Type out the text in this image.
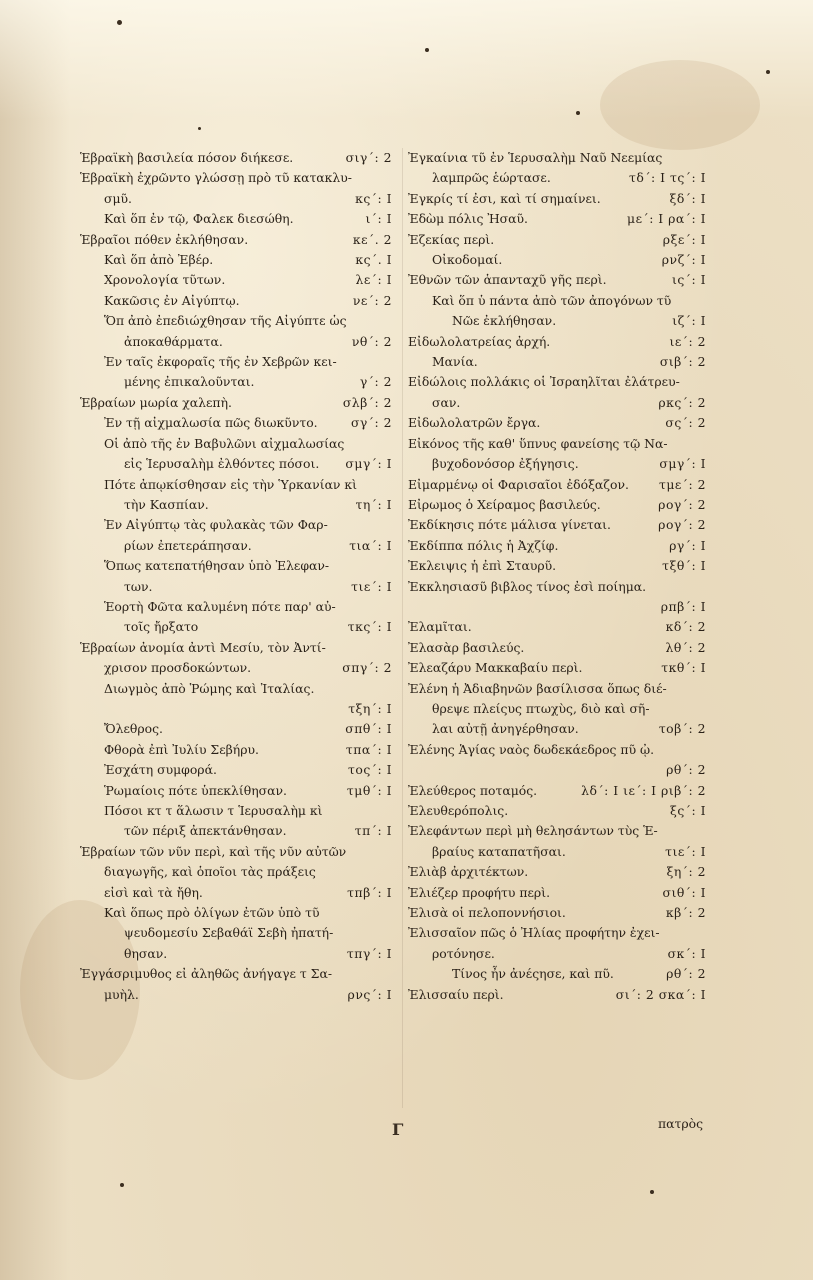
Ἑβραϊκὴ βασιλεία πόσον διήκεσε.	σιγ΄: 2
Ἑβραϊκὴ ἐχρῶντο γλώσσῃ πρὸ τῦ κατακλυ-
σμῦ.	κς΄: I
Καὶ ὅπ ἐν τῷ, Φαλεκ διεσώθη.	ι΄: I
Ἑβραῖοι πόθεν ἐκλήθησαν.	κε΄. 2
Καὶ ὅπ ἀπὸ Ἐβέρ.	κς΄. I
Χρονολογία τῦτων.	λε΄: I
Κακῶσις ἐν Αἰγύπτῳ.	νε΄: 2
Ὅπ ἀπὸ ἐπεδιώχθησαν τῆς Αἰγύπτε ὡς
ἀποκαθάρματα.	νθ΄: 2
Ἐν ταῖς ἐκφοραῖς τῆς ἐν Χεβρῶν κει-
μένης ἐπικαλοῦνται.	γ΄: 2
Ἑβραίων μωρία χαλεπὴ.	σλβ΄: 2
Ἐν τῇ αἰχμαλωσία πῶς διωκῦντο.	σγ΄: 2
Οἱ ἀπὸ τῆς ἐν Βαβυλῶνι αἰχμαλωσίας
εἰς Ἱερυσαλὴμ ἐλθόντες πόσοι. σμγ΄: I
Πότε ἀπῳκίσθησαν εἰς τὴν Ὑρκανίαν κὶ
τὴν Κασπίαν.	τη΄: I
Ἐν Αἰγύπτῳ τὰς φυλακὰς τῶν Φαρ-
ρίων ἐπετεράπησαν.	τια΄: I
Ὅπως κατεπατήθησαν ὑπὸ Ἐλεφαν-
των.	τιε΄: I
Ἑορτὴ Φῶτα καλυμένη πότε παρ' αὐ-
τοῖς ἤρξατο	τκς΄: I
Ἑβραίων ἀνομία ἀντὶ Μεσίυ, τὸν Ἀντί-
χρισον προσδοκώντων.	σπγ΄: 2
Διωγμὸς ἀπὸ Ῥώμης καὶ Ἰταλίας.
τξη΄: I
Ὄλεθρος.	σπθ΄: I
Φθορὰ ἐπὶ Ἰυλίυ Σεβήρυ.	τπα΄: I
Ἐσχάτη συμφορά.	τος΄: I
Ῥωμαίοις πότε ὑπεκλίθησαν.	τμθ΄: I
Πόσοι κτ τ ἅλωσιν τ Ἱερυσαλὴμ κὶ
τῶν πέριξ ἀπεκτάνθησαν.	τπ΄: I
Ἑβραίων τῶν νῦν περὶ, καὶ τῆς νῦν αὐτῶν
διαγωγῆς, καὶ ὁποῖοι τὰς πράξεις
εἰσὶ καὶ τὰ ἤθη.	τπβ΄: I
Καὶ ὅπως πρὸ ὀλίγων ἐτῶν ὑπὸ τῦ
ψευδομεσίυ Σεβαθάϊ Σεβὴ ἠπατή-
θησαν.	τπγ΄: I
Ἐγγάσριμυθος εἰ ἀληθῶς ἀνήγαγε τ Σα-
μυὴλ.	ρνς΄: I
Ἐγκαίνια τῦ ἐν Ἱερυσαλὴμ Ναῦ Νεεμίας
λαμπρῶς ἑώρτασε.	τδ΄: I τς΄: I
Ἐγκρίς τί ἐσι, καὶ τί σημαίνει.	ξδ΄: I
Ἐδὼμ πόλις Ἠσαῦ.	με΄: I ρα΄: I
Ἐζεκίας περὶ.	ρξε΄: I
Οἰκοδομαί.	ρνζ΄: I
Ἐθνῶν τῶν ἁπανταχῦ γῆς περὶ.	ις΄: I
Καὶ ὅπ ὑ πάντα ἀπὸ τῶν ἀπογόνων τῦ
Νῶε ἐκλήθησαν.	ιζ΄: I
Εἰδωλολατρείας ἀρχή.	ιε΄: 2
Μανία.	σιβ΄: 2
Εἰδώλοις πολλάκις οἱ Ἰσραηλῖται ἐλάτρευ-
σαν.	ρκς΄: 2
Εἰδωλολατρῶν ἔργα.	σς΄: 2
Εἰκόνος τῆς καθ' ὕπνυς φανείσης τῷ Να-
βυχοδονόσορ ἐξήγησις.	σμγ΄: I
Εἰμαρμένῳ οἱ Φαρισαῖοι ἐδόξαζον. τμε΄: 2
Εἰρωμος ὁ Χείραμος βασιλεύς.	ρογ΄: 2
Ἐκδίκησις πότε μάλισα γίνεται.	ρογ΄: 2
Ἐκδίππα πόλις ἡ Ἀχζίφ.	ργ΄: I
Ἐκλειψις ἡ ἐπὶ Σταυρῦ.	τξθ΄: I
Ἐκκλησιασῦ βιβλος τίνος ἐσὶ ποίημα.
ρπβ΄: I
Ἐλαμῖται.	κδ΄: 2
Ἐλασὰρ βασιλεύς.	λθ΄: 2
Ἐλεαζάρυ Μακκαβαίυ περὶ.	τκθ΄: I
Ἐλένη ἡ Ἀδιαβηνῶν βασίλισσα ὅπως διέ-
θρεψε πλείςυς πτωχὺς, διὸ καὶ σῆ-
λαι αὐτῇ ἀνηγέρθησαν.	τοβ΄: 2
Ἐλένης Ἁγίας ναὸς δωδεκάεδρος πῦ ᾠ.
ρθ΄: 2
Ἐλεύθερος ποταμός.	λδ΄: I ιε΄: I ριβ΄: 2
Ἐλευθερόπολις.	ξς΄: I
Ἐλεφάντων περὶ μὴ θελησάντων τὺς Ἑ-
βραίυς καταπατῆσαι.	τιε΄: I
Ἐλιὰβ ἀρχιτέκτων.	ξη΄: 2
Ἐλιέζερ προφήτυ περὶ.	σιθ΄: I
Ἐλισὰ οἱ πελοποννήσιοι.	κβ΄: 2
Ἐλισσαῖον πῶς ὁ Ἠλίας προφήτην ἐχει-
ροτόνησε.	σκ΄: I
Τίνος ἦν ἀνέςησε, καὶ πῦ.	ρθ΄: 2
Ἐλισσαίυ περὶ.	σι΄: 2 σκα΄: I
Γ	πατρὸς
